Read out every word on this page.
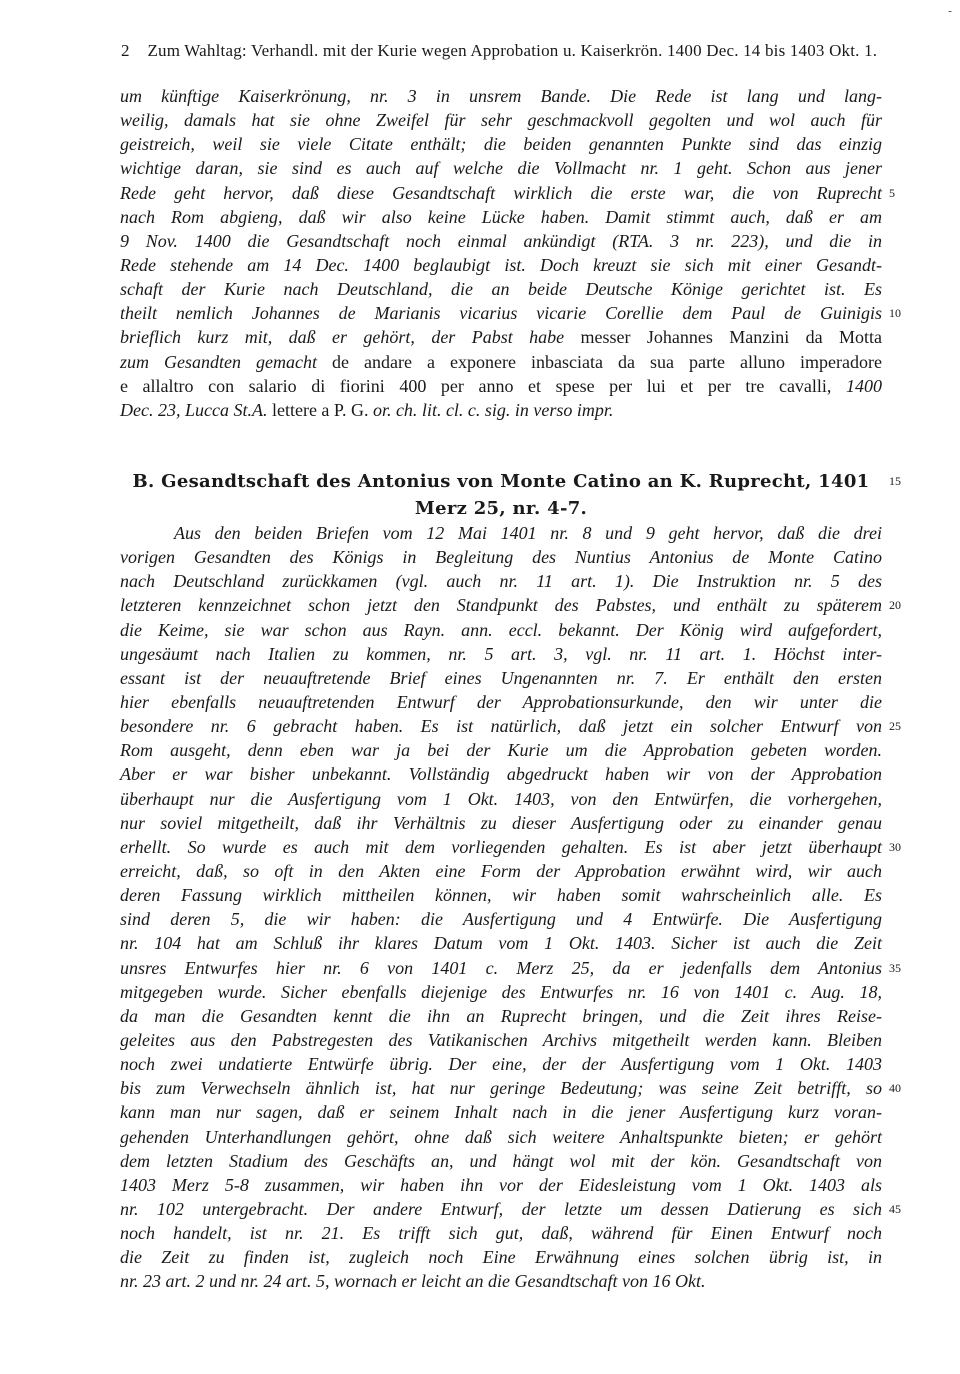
-
2 Zum Wahltag: Verhandl. mit der Kurie wegen Approbation u. Kaiserkrön. 1400 Dec. 14 bis 1403 Okt. 1.
um künftige Kaiserkrönung, nr. 3 in unsrem Bande. Die Rede ist lang und lang-
weilig, damals hat sie ohne Zweifel für sehr geschmackvoll gegolten und wol auch für
geistreich, weil sie viele Citate enthält; die beiden genannten Punkte sind das einzig
wichtige daran, sie sind es auch auf welche die Vollmacht nr. 1 geht. Schon aus jener
Rede geht hervor, daß diese Gesandtschaft wirklich die erste war, die von Ruprecht
nach Rom abgieng, daß wir also keine Lücke haben. Damit stimmt auch, daß er am
9 Nov. 1400 die Gesandtschaft noch einmal ankündigt (RTA. 3 nr. 223), und die in
Rede stehende am 14 Dec. 1400 beglaubigt ist. Doch kreuzt sie sich mit einer Gesandt-
schaft der Kurie nach Deutschland, die an beide Deutsche Könige gerichtet ist. Es
theilt nemlich Johannes de Marianis vicarius vicarie Corellie dem Paul de Guinigis
brieflich kurz mit, daß er gehört, der Pabst habe messer Johannes Manzini da Motta
zum Gesandten gemacht de andare a exponere inbasciata da sua parte alluno imperadore
e allaltro con salario di fiorini 400 per anno et spese per lui et per tre cavalli, 1400
Dec. 23, Lucca St.A. lettere a P. G. or. ch. lit. cl. c. sig. in verso impr.
5
10
B. Gesandtschaft des Antonius von Monte Catino an K. Ruprecht, 1401
Merz 25, nr. 4-7.
15
Aus den beiden Briefen vom 12 Mai 1401 nr. 8 und 9 geht hervor, daß die drei
vorigen Gesandten des Königs in Begleitung des Nuntius Antonius de Monte Catino
nach Deutschland zurückkamen (vgl. auch nr. 11 art. 1). Die Instruktion nr. 5 des
letzteren kennzeichnet schon jetzt den Standpunkt des Pabstes, und enthält zu späterem
die Keime, sie war schon aus Rayn. ann. eccl. bekannt. Der König wird aufgefordert,
ungesäumt nach Italien zu kommen, nr. 5 art. 3, vgl. nr. 11 art. 1. Höchst inter-
essant ist der neuauftretende Brief eines Ungenannten nr. 7. Er enthält den ersten
hier ebenfalls neuauftretenden Entwurf der Approbationsurkunde, den wir unter die
besondere nr. 6 gebracht haben. Es ist natürlich, daß jetzt ein solcher Entwurf von
Rom ausgeht, denn eben war ja bei der Kurie um die Approbation gebeten worden.
Aber er war bisher unbekannt. Vollständig abgedruckt haben wir von der Approbation
überhaupt nur die Ausfertigung vom 1 Okt. 1403, von den Entwürfen, die vorhergehen,
nur soviel mitgetheilt, daß ihr Verhältnis zu dieser Ausfertigung oder zu einander genau
erhellt. So wurde es auch mit dem vorliegenden gehalten. Es ist aber jetzt überhaupt
erreicht, daß, so oft in den Akten eine Form der Approbation erwähnt wird, wir auch
deren Fassung wirklich mittheilen können, wir haben somit wahrscheinlich alle. Es
sind deren 5, die wir haben: die Ausfertigung und 4 Entwürfe. Die Ausfertigung
nr. 104 hat am Schluß ihr klares Datum vom 1 Okt. 1403. Sicher ist auch die Zeit
unsres Entwurfes hier nr. 6 von 1401 c. Merz 25, da er jedenfalls dem Antonius
mitgegeben wurde. Sicher ebenfalls diejenige des Entwurfes nr. 16 von 1401 c. Aug. 18,
da man die Gesandten kennt die ihn an Ruprecht bringen, und die Zeit ihres Reise-
geleites aus den Pabstregesten des Vatikanischen Archivs mitgetheilt werden kann. Bleiben
noch zwei undatierte Entwürfe übrig. Der eine, der der Ausfertigung vom 1 Okt. 1403
bis zum Verwechseln ähnlich ist, hat nur geringe Bedeutung; was seine Zeit betrifft, so
kann man nur sagen, daß er seinem Inhalt nach in die jener Ausfertigung kurz voran-
gehenden Unterhandlungen gehört, ohne daß sich weitere Anhaltspunkte bieten; er gehört
dem letzten Stadium des Geschäfts an, und hängt wol mit der kön. Gesandtschaft von
1403 Merz 5-8 zusammen, wir haben ihn vor der Eidesleistung vom 1 Okt. 1403 als
nr. 102 untergebracht. Der andere Entwurf, der letzte um dessen Datierung es sich
noch handelt, ist nr. 21. Es trifft sich gut, daß, während für Einen Entwurf noch
die Zeit zu finden ist, zugleich noch Eine Erwähnung eines solchen übrig ist, in
nr. 23 art. 2 und nr. 24 art. 5, wornach er leicht an die Gesandtschaft von 16 Okt.
20
25
30
35
40
45
